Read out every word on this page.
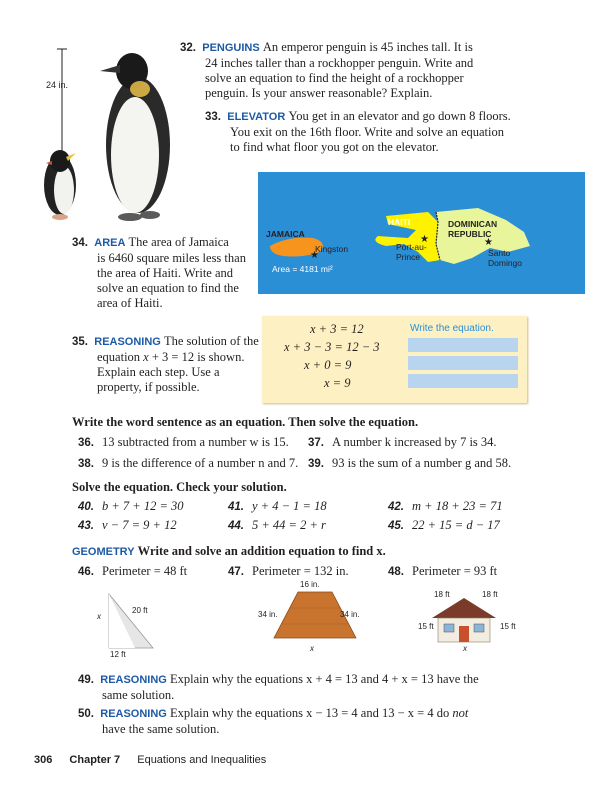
24 in.
32. PENGUINS An emperor penguin is 45 inches tall. It is
24 inches taller than a rockhopper penguin. Write and
solve an equation to find the height of a rockhopper
penguin. Is your answer reasonable? Explain.
33. ELEVATOR You get in an elevator and go down 8 floors.
You exit on the 16th floor. Write and solve an equation
to find what floor you got on the elevator.
★
★	★
JAMAICA
Kingston
Area = 4181 mi²
HAITI
Port-au-
Prince
DOMINICAN
REPUBLIC
Santo
Domingo
34. AREA The area of Jamaica
is 6460 square miles less than
the area of Haiti. Write and
solve an equation to find the
area of Haiti.
35. REASONING The solution of the
equation x + 3 = 12 is shown.
Explain each step. Use a
property, if possible.
x + 3 = 12
x + 3 − 3 = 12 − 3
x + 0 = 9
x = 9
Write the equation.
Write the word sentence as an equation. Then solve the equation.
36. 13 subtracted from a number w is 15.	37. A number k increased by 7 is 34.
38. 9 is the difference of a number n and 7. 39. 93 is the sum of a number g and 58.
Solve the equation. Check your solution.
40. b + 7 + 12 = 30	41. y + 4 − 1 = 18	42. m + 18 + 23 = 71
43. v − 7 = 9 + 12	44. 5 + 44 = 2 + r	45. 22 + 15 = d − 17
GEOMETRY Write and solve an addition equation to find x.
46. Perimeter = 48 ft	47. Perimeter = 132 in.	48. Perimeter = 93 ft
x
20 ft
12 ft
16 in.
34 in.	34 in.
x
18 ft	18 ft
15 ft	15 ft
x
49. REASONING Explain why the equations x + 4 = 13 and 4 + x = 13 have the
same solution.
50. REASONING Explain why the equations x − 13 = 4 and 13 − x = 4 do not
have the same solution.
306 Chapter 7 Equations and Inequalities
